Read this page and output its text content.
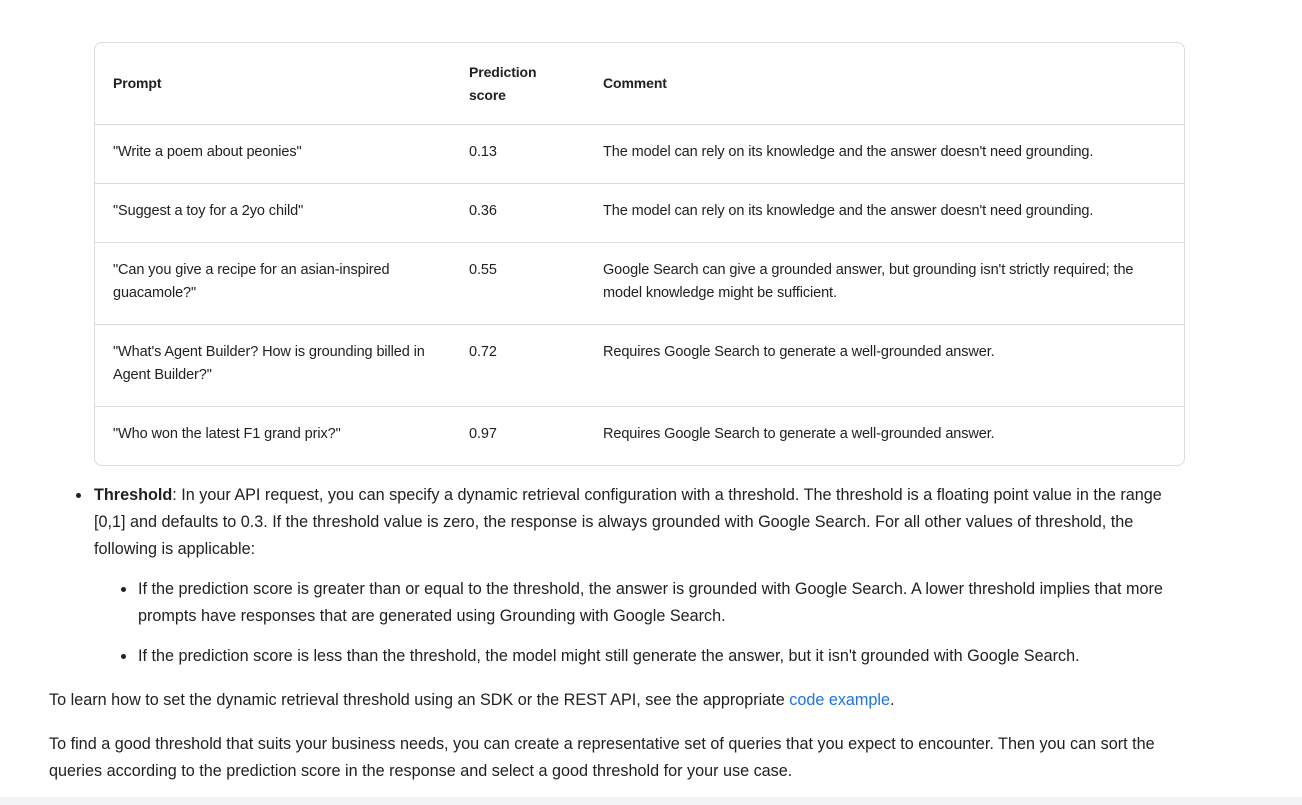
Prompt	Prediction score	Comment
"Write a poem about peonies"	0.13	The model can rely on its knowledge and the answer doesn't need grounding.
"Suggest a toy for a 2yo child"	0.36	The model can rely on its knowledge and the answer doesn't need grounding.
"Can you give a recipe for an asian-inspired guacamole?"	0.55	Google Search can give a grounded answer, but grounding isn't strictly required; the model knowledge might be sufficient.
"What's Agent Builder? How is grounding billed in Agent Builder?"	0.72	Requires Google Search to generate a well-grounded answer.
"Who won the latest F1 grand prix?"	0.97	Requires Google Search to generate a well-grounded answer.
Threshold: In your API request, you can specify a dynamic retrieval configuration with a threshold. The threshold is a floating point value in the range [0,1] and defaults to 0.3. If the threshold value is zero, the response is always grounded with Google Search. For all other values of threshold, the following is applicable:
If the prediction score is greater than or equal to the threshold, the answer is grounded with Google Search. A lower threshold implies that more prompts have responses that are generated using Grounding with Google Search.
If the prediction score is less than the threshold, the model might still generate the answer, but it isn't grounded with Google Search.

To learn how to set the dynamic retrieval threshold using an SDK or the REST API, see the appropriate code example.

To find a good threshold that suits your business needs, you can create a representative set of queries that you expect to encounter. Then you can sort the queries according to the prediction score in the response and select a good threshold for your use case.
